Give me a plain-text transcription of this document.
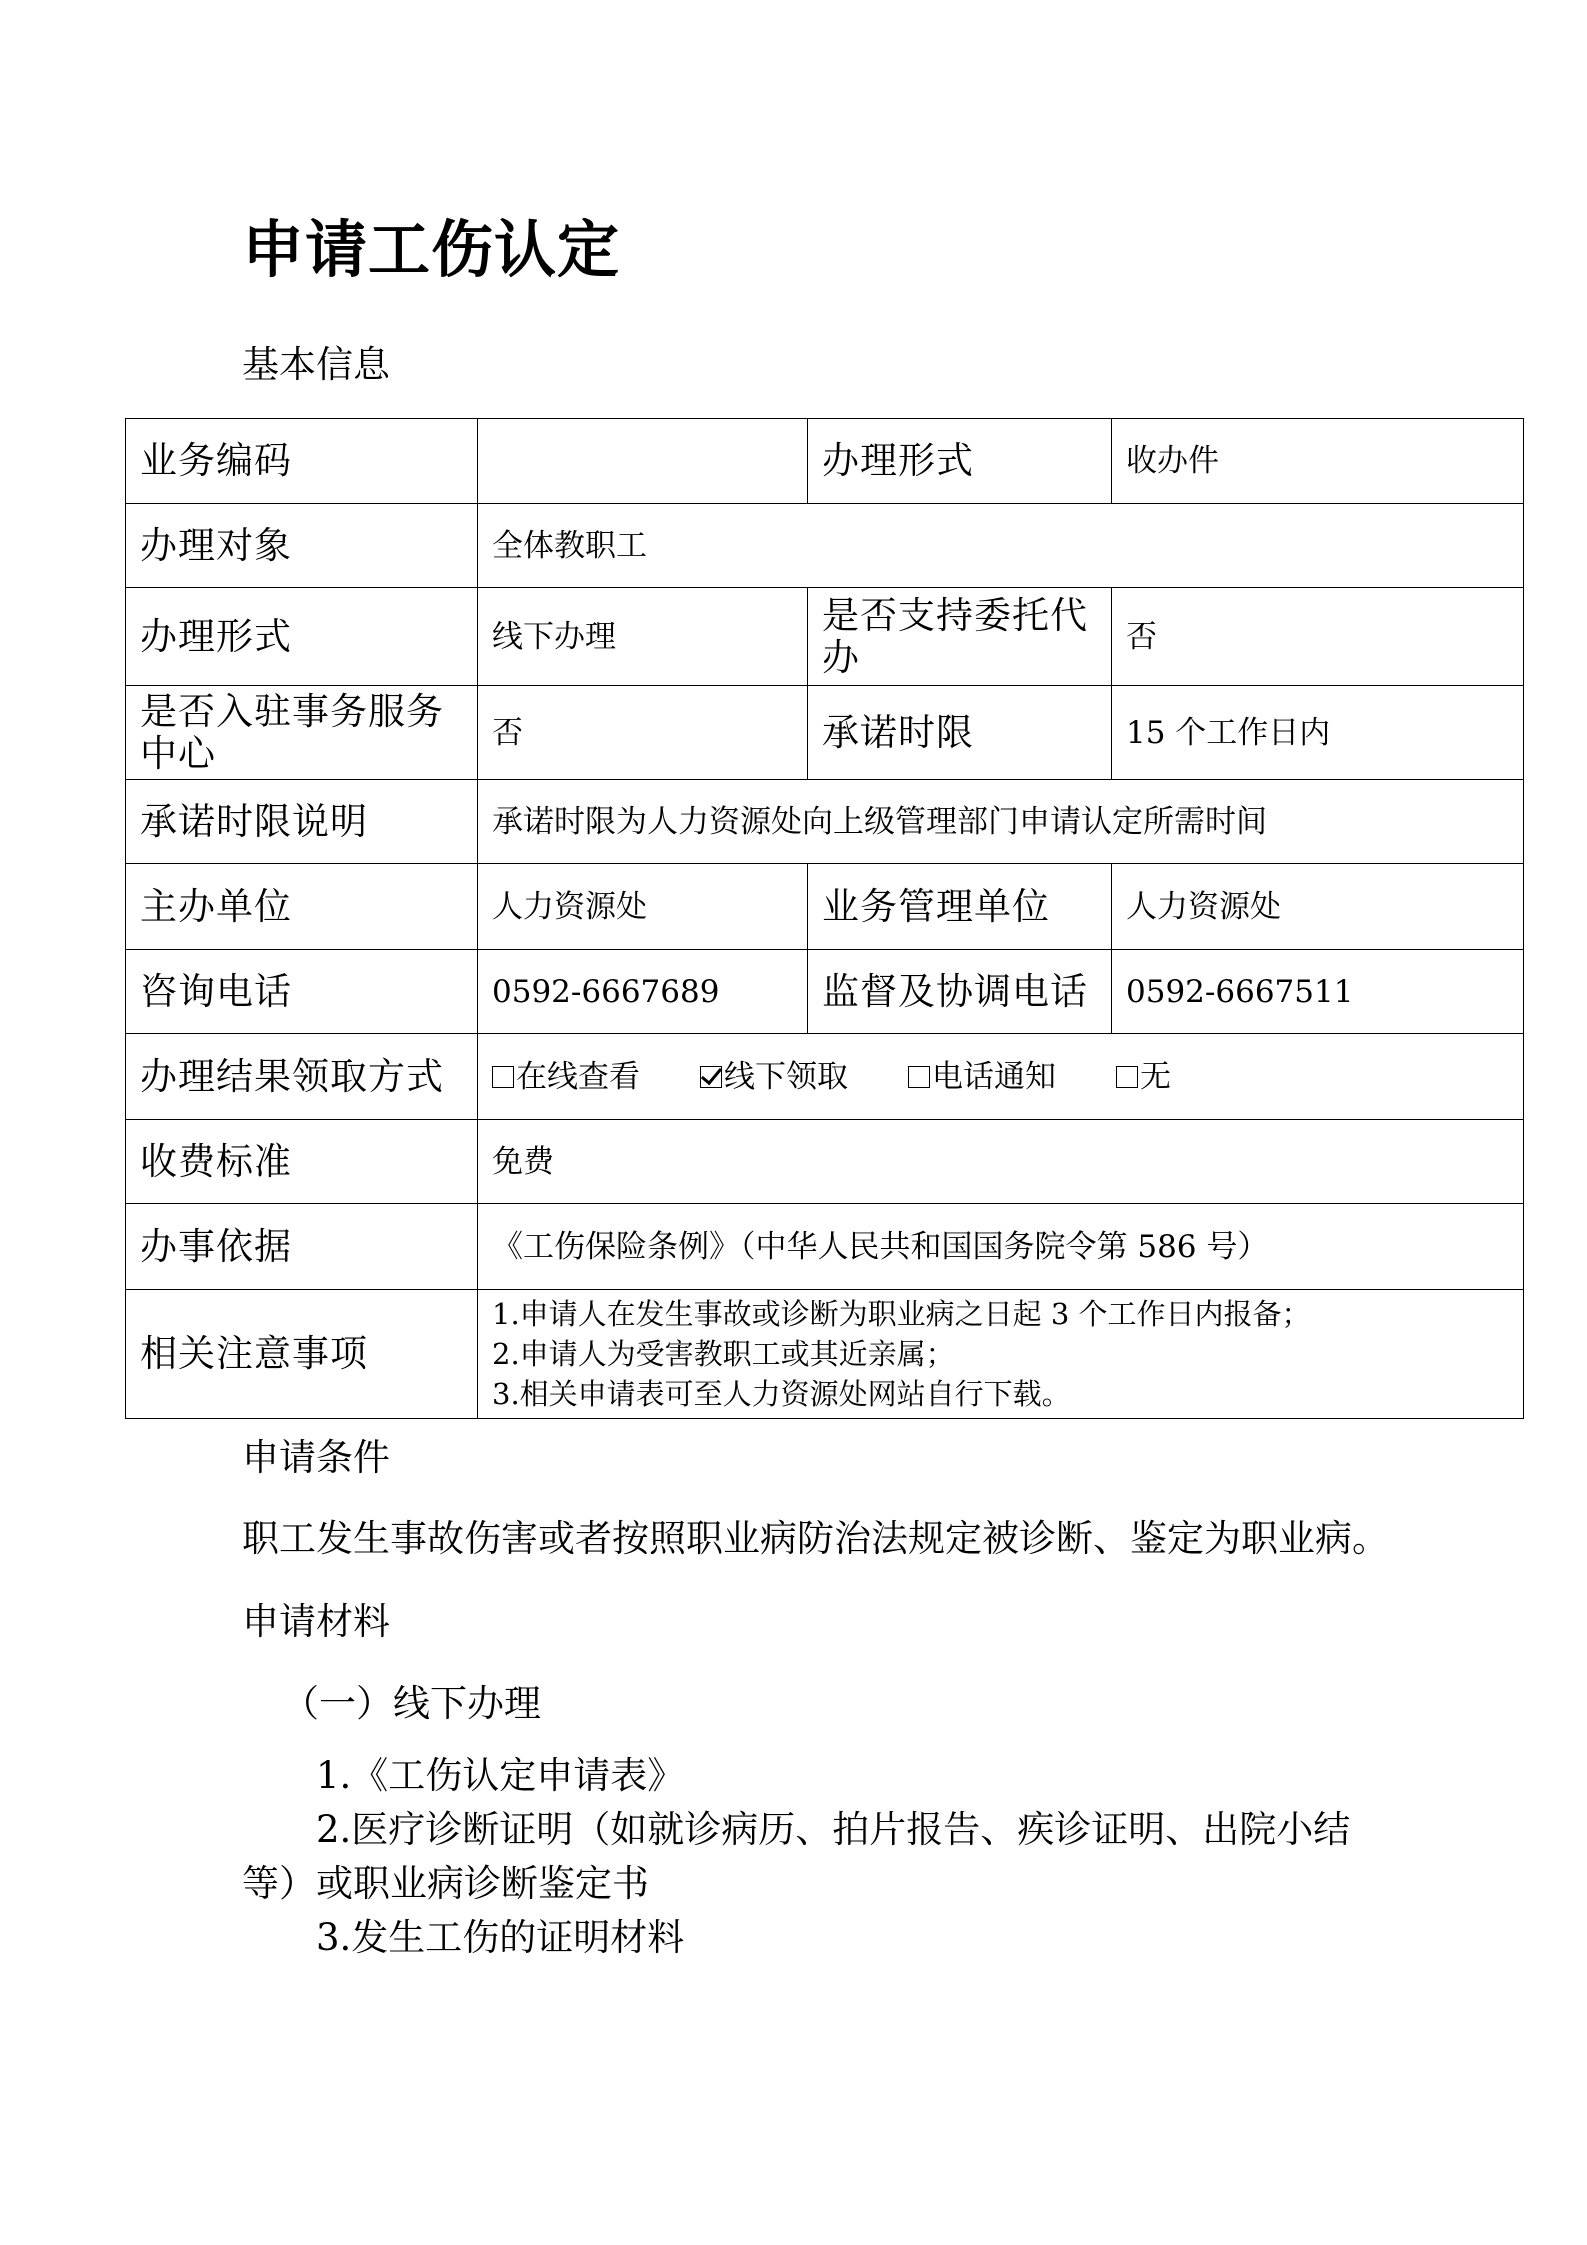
申请工伤认定
基本信息
业务编码		办理形式	收办件
办理对象	全体教职工		
办理形式	线下办理	是否支持委托代办	否
是否入驻事务服务中心	否	承诺时限	15 个工作日内
承诺时限说明	承诺时限为人力资源处向上级管理部门申请认定所需时间		
主办单位	人力资源处	业务管理单位	人力资源处
咨询电话	0592-6667689	监督及协调电话	0592-6667511
办理结果领取方式	在线查看 线下领取 电话通知 无		
收费标准	免费		
办事依据	《工伤保险条例》（中华人民共和国国务院令第 586 号）		
相关注意事项	1.申请人在发生事故或诊断为职业病之日起 3 个工作日内报备；
2.申请人为受害教职工或其近亲属；
3.相关申请表可至人力资源处网站自行下载。		
申请条件
职工发生事故伤害或者按照职业病防治法规定被诊断、鉴定为职业病。
申请材料
（一）线下办理
1.《工伤认定申请表》
2.医疗诊断证明（如就诊病历、拍片报告、疾诊证明、出院小结
等）或职业病诊断鉴定书
3.发生工伤的证明材料
